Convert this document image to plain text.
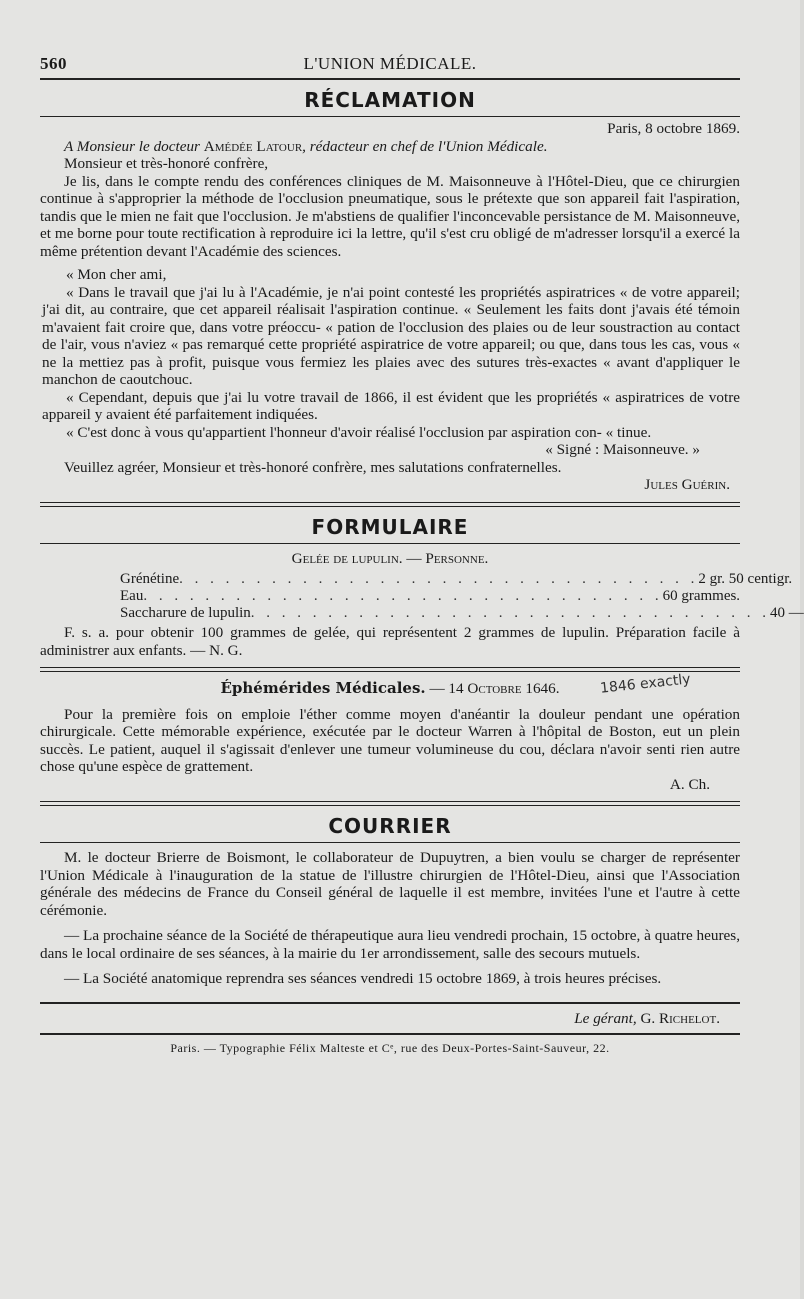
560	L'UNION MÉDICALE.
RÉCLAMATION

Paris, 8 octobre 1869.

A Monsieur le docteur Amédée Latour, rédacteur en chef de l'Union Médicale.

Monsieur et très-honoré confrère,

Je lis, dans le compte rendu des conférences cliniques de M. Maisonneuve à l'Hôtel-Dieu, que ce chirurgien continue à s'approprier la méthode de l'occlusion pneumatique, sous le prétexte que son appareil fait l'aspiration, tandis que le mien ne fait que l'occlusion. Je m'abstiens de qualifier l'inconcevable persistance de M. Maisonneuve, et me borne pour toute rectification à reproduire ici la lettre, qu'il s'est cru obligé de m'adresser lorsqu'il a exercé la même prétention devant l'Académie des sciences.

« Mon cher ami,

« Dans le travail que j'ai lu à l'Académie, je n'ai point contesté les propriétés aspiratrices « de votre appareil; j'ai dit, au contraire, que cet appareil réalisait l'aspiration continue. « Seulement les faits dont j'avais été témoin m'avaient fait croire que, dans votre préoccu- « pation de l'occlusion des plaies ou de leur soustraction au contact de l'air, vous n'aviez « pas remarqué cette propriété aspiratrice de votre appareil; ou que, dans tous les cas, vous « ne la mettiez pas à profit, puisque vous fermiez les plaies avec des sutures très-exactes « avant d'appliquer le manchon de caoutchouc.

« Cependant, depuis que j'ai lu votre travail de 1866, il est évident que les propriétés « aspiratrices de votre appareil y avaient été parfaitement indiquées.

« C'est donc à vous qu'appartient l'honneur d'avoir réalisé l'occlusion par aspiration con- « tinue.

« Signé : Maisonneuve. »

Veuillez agréer, Monsieur et très-honoré confrère, mes salutations confraternelles.

Jules Guérin.

FORMULAIRE

Gelée de lupulin. — Personne.

Grénétine . . . . . . . . . . . . . . . . . . . . . . . . . . . . . . . . . . 2 gr. 50 centigr.
Eau . . . . . . . . . . . . . . . . . . . . . . . . . . . . . . . . . . 60 grammes.
Saccharure de lupulin . . . . . . . . . . . . . . . . . . . . . . . . . . . . . . . . . . 40 —

F. s. a. pour obtenir 100 grammes de gelée, qui représentent 2 grammes de lupulin. Préparation facile à administrer aux enfants. — N. G.

Éphémérides Médicales. — 14 Octobre 1646.	1846 exactly

Pour la première fois on emploie l'éther comme moyen d'anéantir la douleur pendant une opération chirurgicale. Cette mémorable expérience, exécutée par le docteur Warren à l'hôpital de Boston, eut un plein succès. Le patient, auquel il s'agissait d'enlever une tumeur volumineuse du cou, déclara n'avoir senti rien autre chose qu'une espèce de grattement.

A. Ch.

COURRIER

M. le docteur Brierre de Boismont, le collaborateur de Dupuytren, a bien voulu se charger de représenter l'Union Médicale à l'inauguration de la statue de l'illustre chirurgien de l'Hôtel-Dieu, ainsi que l'Association générale des médecins de France du Conseil général de laquelle il est membre, invitées l'une et l'autre à cette cérémonie.

— La prochaine séance de la Société de thérapeutique aura lieu vendredi prochain, 15 octobre, à quatre heures, dans le local ordinaire de ses séances, à la mairie du 1er arrondissement, salle des secours mutuels.

— La Société anatomique reprendra ses séances vendredi 15 octobre 1869, à trois heures précises.

Le gérant, G. Richelot.

Paris. — Typographie Félix Malteste et Cᵉ, rue des Deux-Portes-Saint-Sauveur, 22.
